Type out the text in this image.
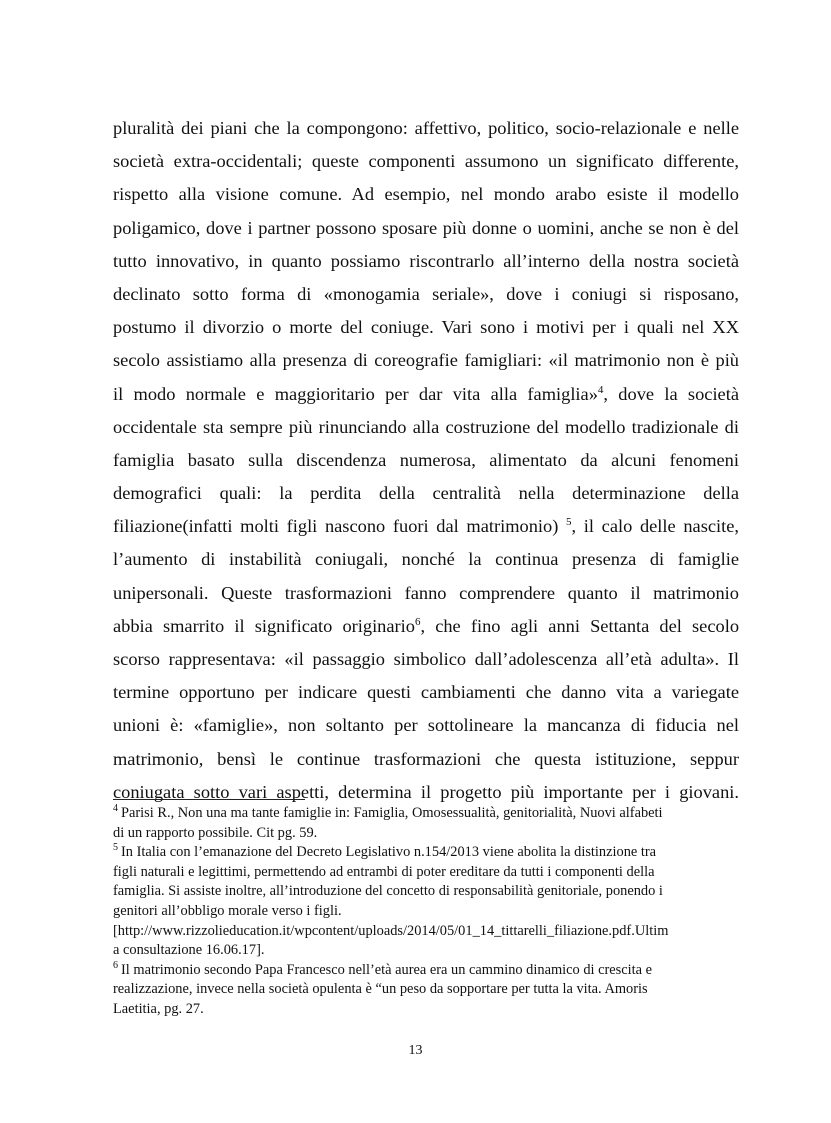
pluralità dei piani che la compongono: affettivo, politico, socio-relazionale e nelle
società extra-occidentali; queste componenti assumono un significato differente,
rispetto alla visione comune. Ad esempio, nel mondo arabo esiste il modello
poligamico, dove i partner possono sposare più donne o uomini, anche se non è del
tutto innovativo, in quanto possiamo riscontrarlo all’interno della nostra società
declinato sotto forma di «monogamia seriale», dove i coniugi si risposano,
postumo il divorzio o morte del coniuge. Vari sono i motivi per i quali nel XX
secolo assistiamo alla presenza di coreografie famigliari: «il matrimonio non è più
il modo normale e maggioritario per dar vita alla famiglia»$^4$, dove la società
occidentale sta sempre più rinunciando alla costruzione del modello tradizionale di
famiglia basato sulla discendenza numerosa, alimentato da alcuni fenomeni
demografici quali: la perdita della centralità nella determinazione della
filiazione(infatti molti figli nascono fuori dal matrimonio) $^5$, il calo delle nascite,
l’aumento di instabilità coniugali, nonché la continua presenza di famiglie
unipersonali. Queste trasformazioni fanno comprendere quanto il matrimonio
abbia smarrito il significato originario$^6$, che fino agli anni Settanta del secolo
scorso rappresentava: «il passaggio simbolico dall’adolescenza all’età adulta». Il
termine opportuno per indicare questi cambiamenti che danno vita a variegate
unioni è: «famiglie», non soltanto per sottolineare la mancanza di fiducia nel
matrimonio, bensì le continue trasformazioni che questa istituzione, seppur
coniugata sotto vari aspetti, determina il progetto più importante per i giovani.
$^4$ Parisi R., Non una ma tante famiglie in: Famiglia, Omosessualità, genitorialità, Nuovi alfabeti
di un rapporto possibile. Cit pg. 59.
$^5$ In Italia con l’emanazione del Decreto Legislativo n.154/2013 viene abolita la distinzione tra
figli naturali e legittimi, permettendo ad entrambi di poter ereditare da tutti i componenti della
famiglia. Si assiste inoltre, all’introduzione del concetto di responsabilità genitoriale, ponendo i
genitori all’obbligo morale verso i figli.
[http://www.rizzolieducation.it/wpcontent/uploads/2014/05/01_14_tittarelli_filiazione.pdf.Ultim
a consultazione 16.06.17].
$^6$ Il matrimonio secondo Papa Francesco nell’età aurea era un cammino dinamico di crescita e
realizzazione, invece nella società opulenta è “un peso da sopportare per tutta la vita. Amoris
Laetitia, pg. 27.
13
